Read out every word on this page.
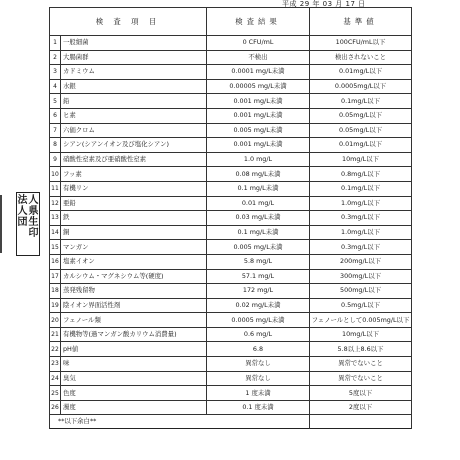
平成 29 年 03 月 17 日
法
人
団
人
県
生
印
検 査 項 目		検査結果	基準値
1	一般細菌	0 CFU/mL	100CFU/mL以下
2	大腸菌群	不検出	検出されないこと
3	カドミウム	0.0001 mg/L未満	0.01mg/L以下
4	水銀	0.00005 mg/L未満	0.0005mg/L以下
5	鉛	0.001 mg/L未満	0.1mg/L以下
6	ヒ素	0.001 mg/L未満	0.05mg/L以下
7	六価クロム	0.005 mg/L未満	0.05mg/L以下
8	シアン(シアンイオン及び塩化シアン)	0.001 mg/L未満	0.01mg/L以下
9	硝酸性窒素及び亜硝酸性窒素	1.0 mg/L	10mg/L以下
10	フッ素	0.08 mg/L未満	0.8mg/L以下
11	有機リン	0.1 mg/L未満	0.1mg/L以下
12	亜鉛	0.01 mg/L	1.0mg/L以下
13	鉄	0.03 mg/L未満	0.3mg/L以下
14	銅	0.1 mg/L未満	1.0mg/L以下
15	マンガン	0.005 mg/L未満	0.3mg/L以下
16	塩素イオン	5.8 mg/L	200mg/L以下
17	カルシウム・マグネシウム等(硬度)	57.1 mg/L	300mg/L以下
18	蒸発残留物	172 mg/L	500mg/L以下
19	陰イオン界面活性剤	0.02 mg/L未満	0.5mg/L以下
20	フェノール類	0.0005 mg/L未満	フェノールとして0.005mg/L以下
21	有機物等(過マンガン酸カリウム消費量)	0.6 mg/L	10mg/L以下
22	pH値	6.8	5.8以上8.6以下
23	味	異常なし	異常でないこと
24	臭気	異常なし	異常でないこと
25	色度	1 度未満	5度以下
26	濁度	0.1 度未満	2度以下
**以下余白**			
